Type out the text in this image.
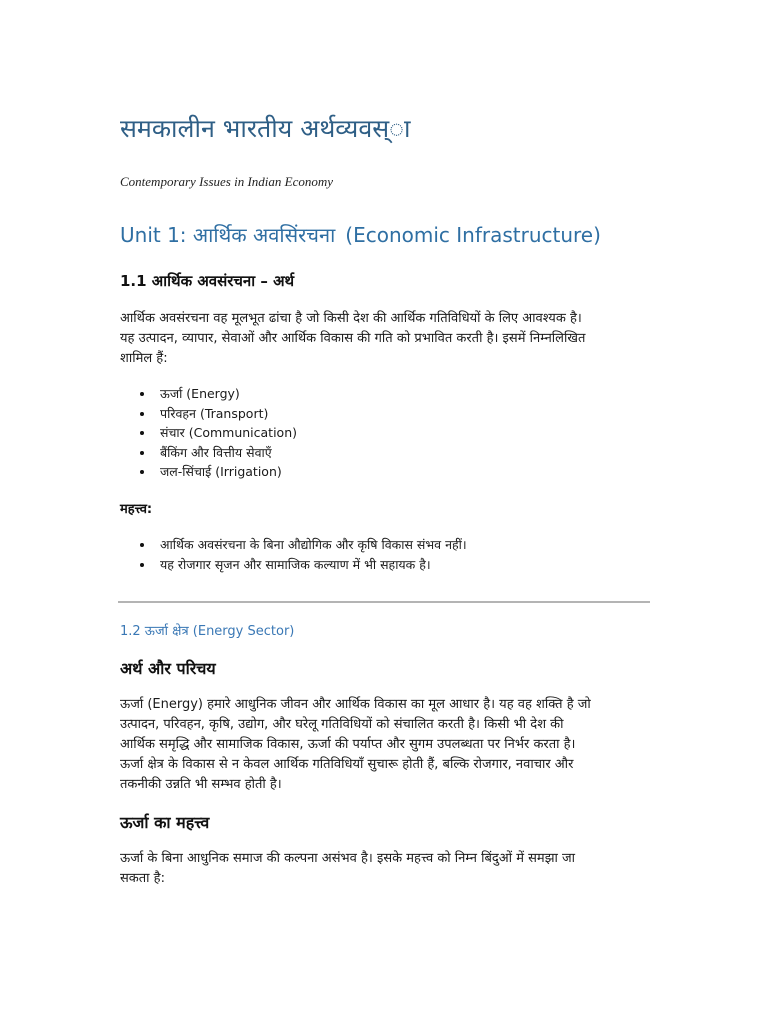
समकालीन भारतीय अर्थव्यवस्ा
Contemporary Issues in Indian Economy
Unit 1: आर्थिक अवसिंरचना (Economic Infrastructure)
1.1 आर्थिक अवसंरचना – अर्थ
आर्थिक अवसंरचना वह मूलभूत ढांचा है जो किसी देश की आर्थिक गतिविधियों के लिए आवश्यक है।
यह उत्पादन, व्यापार, सेवाओं और आर्थिक विकास की गति को प्रभावित करती है। इसमें निम्नलिखित
शामिल हैं:
ऊर्जा (Energy)
परिवहन (Transport)
संचार (Communication)
बैंकिंग और वित्तीय सेवाएँ
जल-सिंचाई (Irrigation)
महत्त्व:
आर्थिक अवसंरचना के बिना औद्योगिक और कृषि विकास संभव नहीं।
यह रोजगार सृजन और सामाजिक कल्याण में भी सहायक है।
1.2 ऊर्जा क्षेत्र (Energy Sector)
अर्थ और परिचय
ऊर्जा (Energy) हमारे आधुनिक जीवन और आर्थिक विकास का मूल आधार है। यह वह शक्ति है जो
उत्पादन, परिवहन, कृषि, उद्योग, और घरेलू गतिविधियों को संचालित करती है। किसी भी देश की
आर्थिक समृद्धि और सामाजिक विकास, ऊर्जा की पर्याप्त और सुगम उपलब्धता पर निर्भर करता है।
ऊर्जा क्षेत्र के विकास से न केवल आर्थिक गतिविधियाँ सुचारू होती हैं, बल्कि रोजगार, नवाचार और
तकनीकी उन्नति भी सम्भव होती है।
ऊर्जा का महत्त्व
ऊर्जा के बिना आधुनिक समाज की कल्पना असंभव है। इसके महत्त्व को निम्न बिंदुओं में समझा जा
सकता है:
